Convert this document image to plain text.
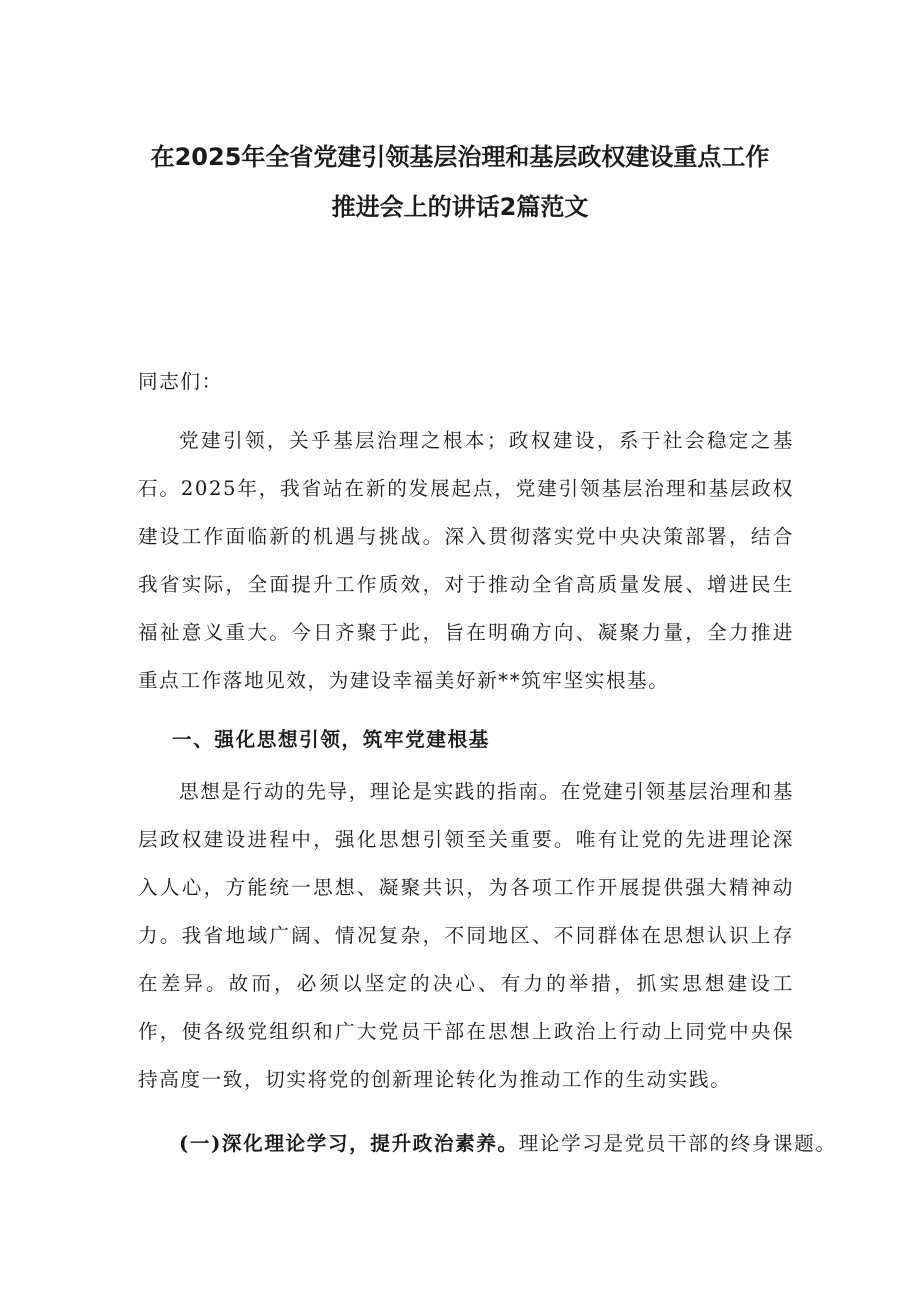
在2025年全省党建引领基层治理和基层政权建设重点工作
推进会上的讲话2篇范文

同志们：

党建引领，关乎基层治理之根本；政权建设，系于社会稳定之基石。2025年，我省站在新的发展起点，党建引领基层治理和基层政权建设工作面临新的机遇与挑战。深入贯彻落实党中央决策部署，结合我省实际，全面提升工作质效，对于推动全省高质量发展、增进民生福祉意义重大。今日齐聚于此，旨在明确方向、凝聚力量，全力推进重点工作落地见效，为建设幸福美好新**筑牢坚实根基。

一、强化思想引领，筑牢党建根基

思想是行动的先导，理论是实践的指南。在党建引领基层治理和基层政权建设进程中，强化思想引领至关重要。唯有让党的先进理论深入人心，方能统一思想、凝聚共识，为各项工作开展提供强大精神动力。我省地域广阔、情况复杂，不同地区、不同群体在思想认识上存在差异。故而，必须以坚定的决心、有力的举措，抓实思想建设工作，使各级党组织和广大党员干部在思想上政治上行动上同党中央保持高度一致，切实将党的创新理论转化为推动工作的生动实践。

(一)深化理论学习，提升政治素养。理论学习是党员干部的终身课题。
